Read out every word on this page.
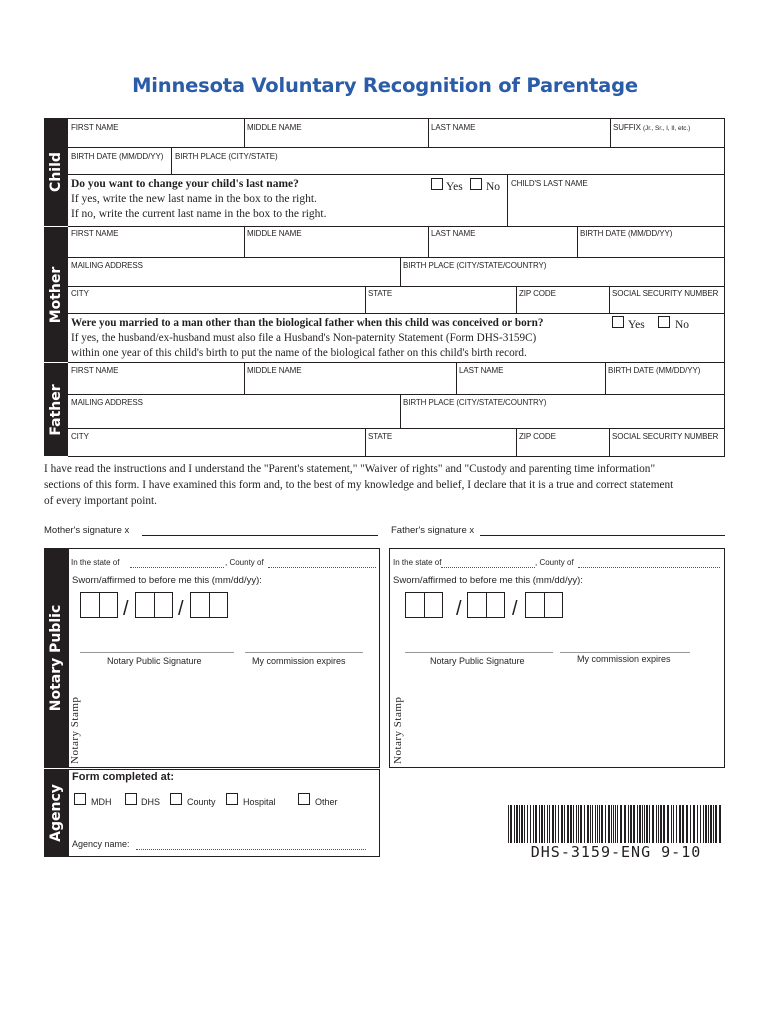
Minnesota Voluntary Recognition of Parentage
Child
Mother
Father
Notary Public
Agency
FIRST NAME	MIDDLE NAME	LAST NAME	SUFFIX (Jr., Sr., I, II, etc.)
BIRTH DATE (MM/DD/YY) BIRTH PLACE (CITY/STATE)
Do you want to change your child's last name?
If yes, write the new last name in the box to the right.
If no, write the current last name in the box to the right.
Yes No CHILD'S LAST NAME
FIRST NAME	MIDDLE NAME	LAST NAME	BIRTH DATE (MM/DD/YY)
MAILING ADDRESS	BIRTH PLACE (CITY/STATE/COUNTRY)
CITY	STATE	ZIP CODE	SOCIAL SECURITY NUMBER
Were you married to a man other than the biological father when this child was conceived or born?
If yes, the husband/ex-husband must also file a Husband's Non-paternity Statement (Form DHS-3159C)
within one year of this child's birth to put the name of the biological father on this child's birth record.
Yes	No
FIRST NAME	MIDDLE NAME	LAST NAME	BIRTH DATE (MM/DD/YY)
MAILING ADDRESS	BIRTH PLACE (CITY/STATE/COUNTRY)
CITY	STATE	ZIP CODE	SOCIAL SECURITY NUMBER

I have read the instructions and I understand the "Parent's statement," "Waiver of rights" and "Custody and parenting time information"

sections of this form. I have examined this form and, to the best of my knowledge and belief, I declare that it is a true and correct statement

of every important point.

Mother's signature x	Father's signature x
In the state of	, County of
Sworn/affirmed to before me this (mm/dd/yy):
/ /
Notary Public Signature	My commission expires
Notary Stamp
In the state of	, County of
Sworn/affirmed to before me this (mm/dd/yy):
/	/
Notary Public Signature	My commission expires
Notary Stamp
Form completed at:
MDH	DHS	County	Hospital	Other
Agency name:	DHS-3159-ENG 9-10
